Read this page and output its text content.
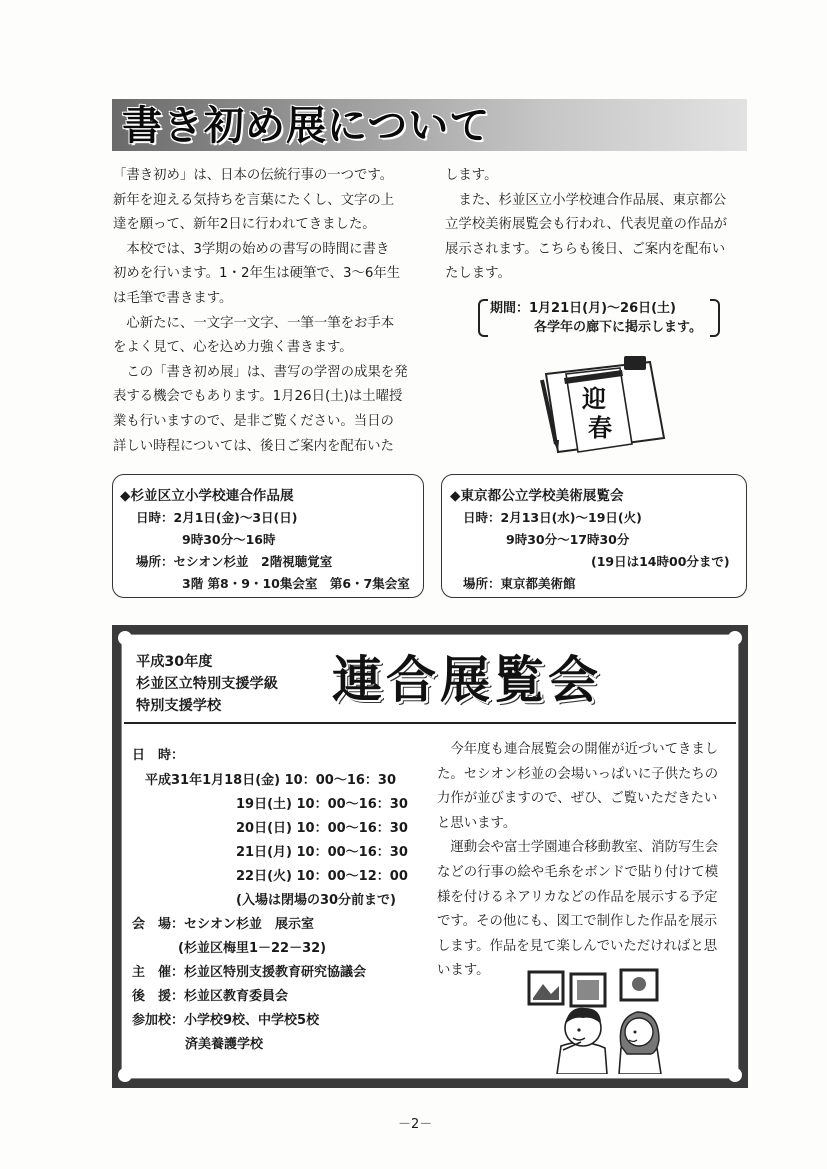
書き初め展について
「書き初め」は、日本の伝統行事の一つです。
新年を迎える気持ちを言葉にたくし、文字の上
達を願って、新年2日に行われてきました。
　本校では、3学期の始めの書写の時間に書き
初めを行います。1・2年生は硬筆で、3～6年生
は毛筆で書きます。
　心新たに、一文字一文字、一筆一筆をお手本
をよく見て、心を込め力強く書きます。
　この「書き初め展」は、書写の学習の成果を発
表する機会でもあります。1月26日(土)は土曜授
業も行いますので、是非ご覧ください。当日の
詳しい時程については、後日ご案内を配布いた
します。
　また、杉並区立小学校連合作品展、東京都公
立学校美術展覧会も行われ、代表児童の作品が
展示されます。こちらも後日、ご案内を配布い
たします。
期間：1月21日(月)～26日(土)
各学年の廊下に掲示します。
迎
春
◆杉並区立小学校連合作品展
日時：2月1日(金)～3日(日)
9時30分～16時
場所：セシオン杉並　2階視聴覚室
3階 第8・9・10集会室　第6・7集会室
◆東京都公立学校美術展覧会
日時：2月13日(水)～19日(火)
9時30分～17時30分
(19日は14時00分まで)
場所：東京都美術館
平成30年度
杉並区立特別支援学級
特別支援学校 連合展覧会
日　時：
平成31年1月18日(金) 10：00～16：30
19日(土) 10：00～16：30
20日(日) 10：00～16：30
21日(月) 10：00～16：30
22日(火) 10：00～12：00
(入場は閉場の30分前まで)
会　場：セシオン杉並　展示室
(杉並区梅里1－22－32)
主　催：杉並区特別支援教育研究協議会
後　援：杉並区教育委員会
参加校：小学校9校、中学校5校
済美養護学校
　今年度も連合展覧会の開催が近づいてきまし
た。セシオン杉並の会場いっぱいに子供たちの
力作が並びますので、ぜひ、ご覧いただきたい
と思います。
　運動会や富士学園連合移動教室、消防写生会
などの行事の絵や毛糸をボンドで貼り付けて模
様を付けるネアリカなどの作品を展示する予定
です。その他にも、図工で制作した作品を展示
します。作品を見て楽しんでいただければと思
います。
－2－
